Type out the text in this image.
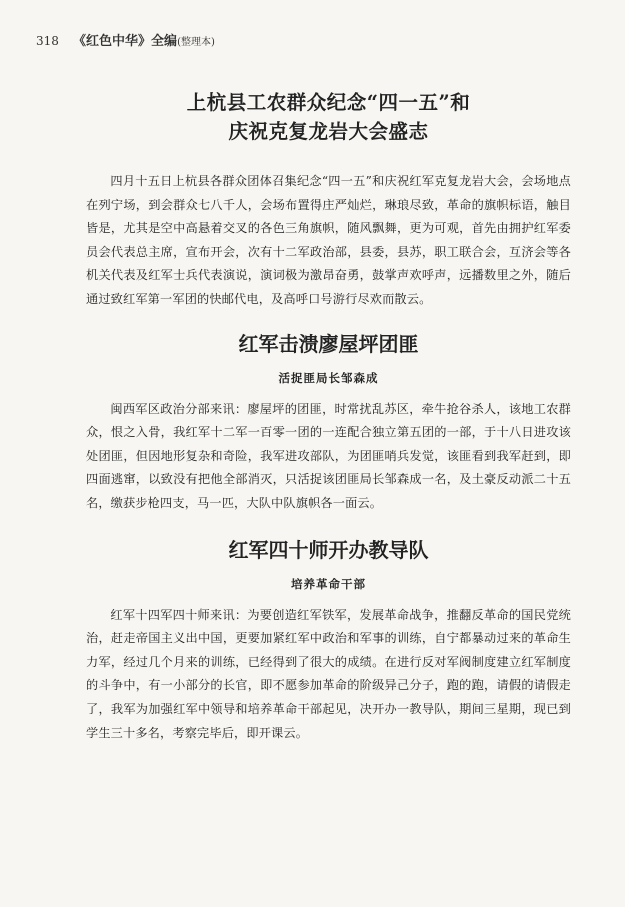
318 《红色中华》全编(整理本)
上杭县工农群众纪念“四一五”和
庆祝克复龙岩大会盛志

四月十五日上杭县各群众团体召集纪念“四一五”和庆祝红军克复龙岩大会，会场地点在列宁场，到会群众七八千人，会场布置得庄严灿烂，琳琅尽致，革命的旗帜标语，触目皆是，尤其是空中高悬着交叉的各色三角旗帜，随风飘舞，更为可观，首先由拥护红军委员会代表总主席，宣布开会，次有十二军政治部，县委，县苏，职工联合会，互济会等各机关代表及红军士兵代表演说，演词极为激昂奋勇，鼓掌声欢呼声，远播数里之外，随后通过致红军第一军团的快邮代电，及高呼口号游行尽欢而散云。

红军击溃廖屋坪团匪

活捉匪局长邹森成

闽西军区政治分部来讯：廖屋坪的团匪，时常扰乱苏区，牵牛抢谷杀人，该地工农群众，恨之入骨，我红军十二军一百零一团的一连配合独立第五团的一部，于十八日进攻该处团匪，但因地形复杂和奇险，我军进攻部队，为团匪哨兵发觉，该匪看到我军赶到，即四面逃窜，以致没有把他全部消灭，只活捉该团匪局长邹森成一名，及土豪反动派二十五名，缴获步枪四支，马一匹，大队中队旗帜各一面云。

红军四十师开办教导队

培养革命干部

红军十四军四十师来讯：为要创造红军铁军，发展革命战争，推翻反革命的国民党统治，赶走帝国主义出中国，更要加紧红军中政治和军事的训练，自宁都暴动过来的革命生力军，经过几个月来的训练，已经得到了很大的成绩。在进行反对军阀制度建立红军制度的斗争中，有一小部分的长官，即不愿参加革命的阶级异己分子，跑的跑，请假的请假走了，我军为加强红军中领导和培养革命干部起见，决开办一教导队，期间三星期，现已到学生三十多名，考察完毕后，即开课云。
